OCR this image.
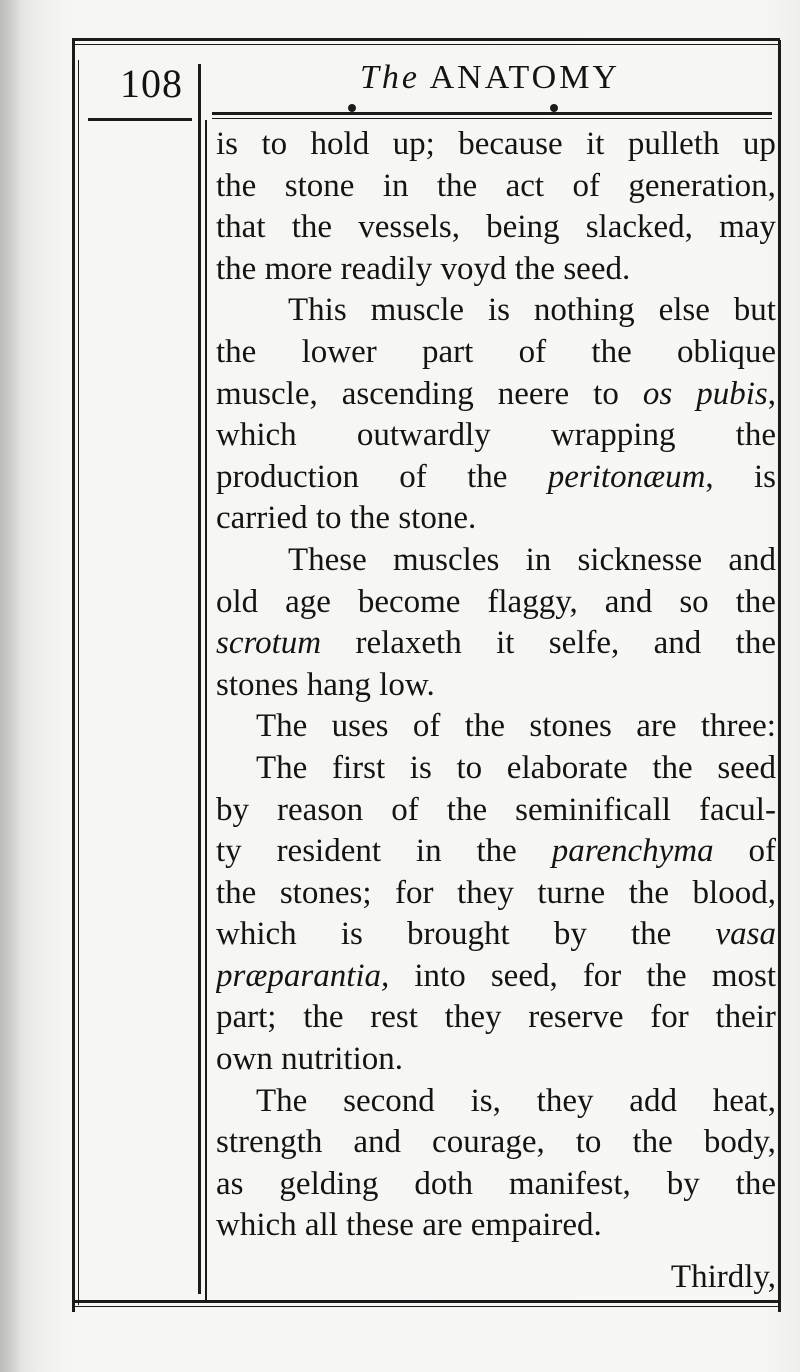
108	The ANATOMY
is to hold up; because it pulleth up
the stone in the act of generation,
that the vessels, being slacked, may
the
more
readily
voyd
the
seed.
This muscle is nothing else but
the lower part of the oblique
muscle, ascending neere to os pubis,
which outwardly wrapping the
production of the peritonæum, is
carried
to
the
stone.
These muscles in sicknesse and
old age become flaggy, and so the
scrotum relaxeth it selfe, and the
stones
hang
low.
The uses of the stones are three:
The first is to elaborate the seed
by reason of the seminificall facul-
ty resident in the parenchyma of
the stones; for they turne the blood,
which is brought by the vasa
præparantia, into seed, for the most
part; the rest they reserve for their
own
nutrition.
The second is, they add heat,
strength and courage, to the body,
as gelding doth manifest, by the
which
all
these
are
empaired.
Thirdly,
